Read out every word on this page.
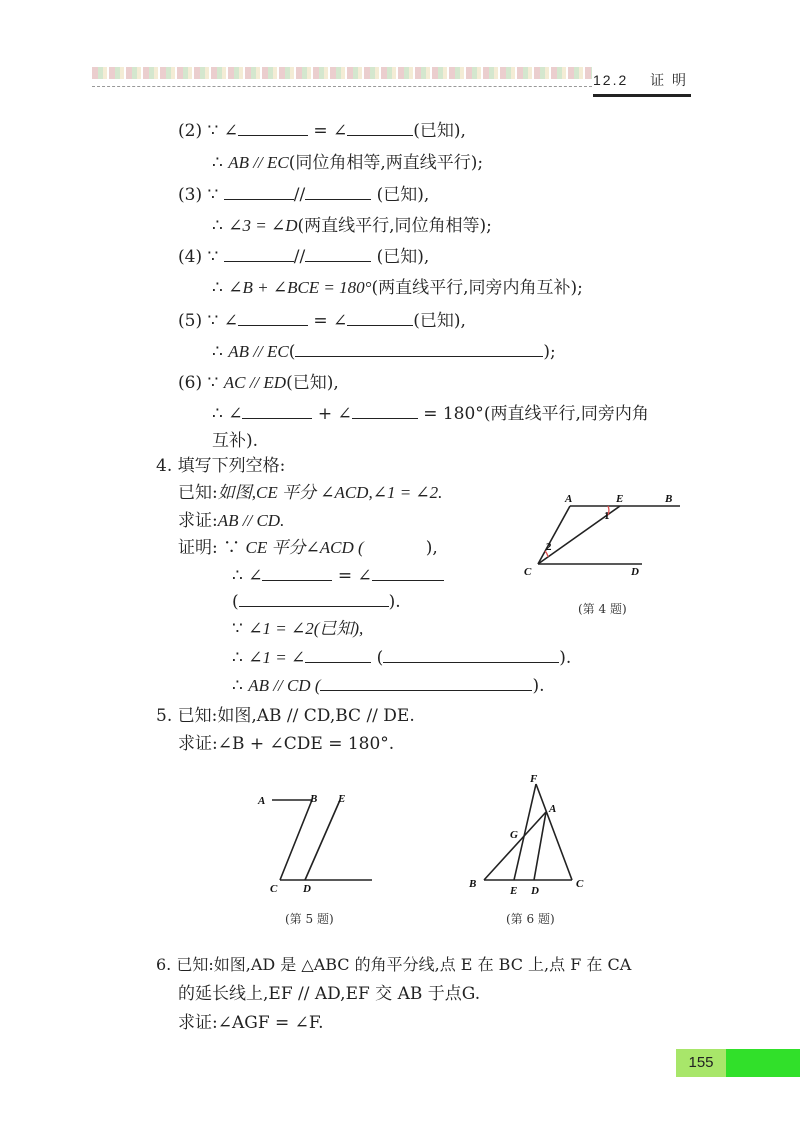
12.2 证 明
(2) ∵ ∠	= ∠	(已知),
∴ AB // EC(同位角相等,两直线平行);
(3) ∵	//	(已知),
∴ ∠3 = ∠D(两直线平行,同位角相等);
(4) ∵	//	(已知),
∴ ∠B + ∠BCE = 180°(两直线平行,同旁内角互补);
(5) ∵ ∠	= ∠	(已知),
∴ AB // EC(	);
(6) ∵ AC // ED(已知),
∴ ∠	+ ∠	= 180°(两直线平行,同旁内角
互补).
4. 填写下列空格:
已知:如图,CE 平分 ∠ACD,∠1 = ∠2.
求证:AB // CD.
证明: ∵ CE 平分∠ACD (	),
∴ ∠	= ∠
(	).
∵ ∠1 = ∠2(已知),
∴ ∠1 = ∠	(	).
∴ AB // CD (	).
A	E	B
C	D
1
2
(第 4 题)
5. 已知:如图,AB // CD,BC // DE.
求证:∠B + ∠CDE = 180°.
A	B E
C D
(第 5 题)
F
A
G
B
E D
C
(第 6 题)
6. 已知:如图,AD 是 △ABC 的角平分线,点 E 在 BC 上,点 F 在 CA
的延长线上,EF // AD,EF 交 AB 于点G.
求证:∠AGF = ∠F.
155
